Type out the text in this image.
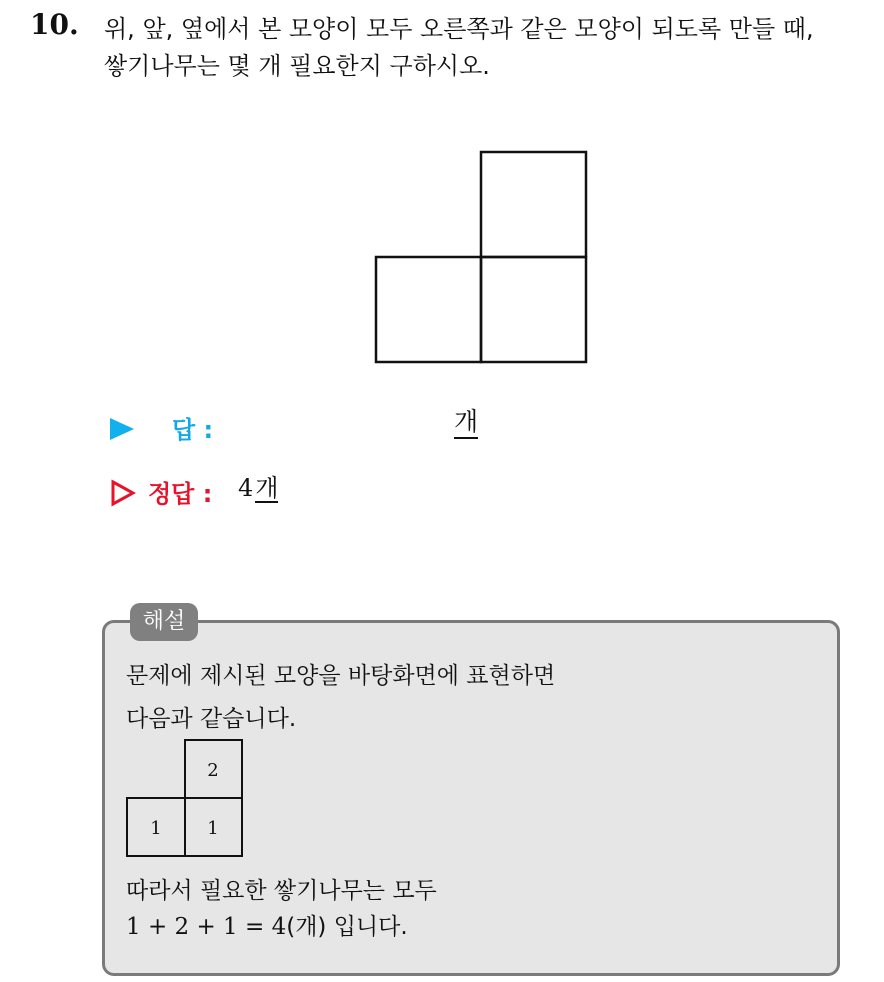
10. 위, 앞, 옆에서 본 모양이 모두 오른쪽과 같은 모양이 되도록 만들 때,
쌓기나무는 몇 개 필요한지 구하시오.
답 :	개
정답 : 4개
해설
문제에 제시된 모양을 바탕화면에 표현하면
다음과 같습니다.
2
1	1
따라서 필요한 쌓기나무는 모두
1 + 2 + 1 = 4(개) 입니다.
